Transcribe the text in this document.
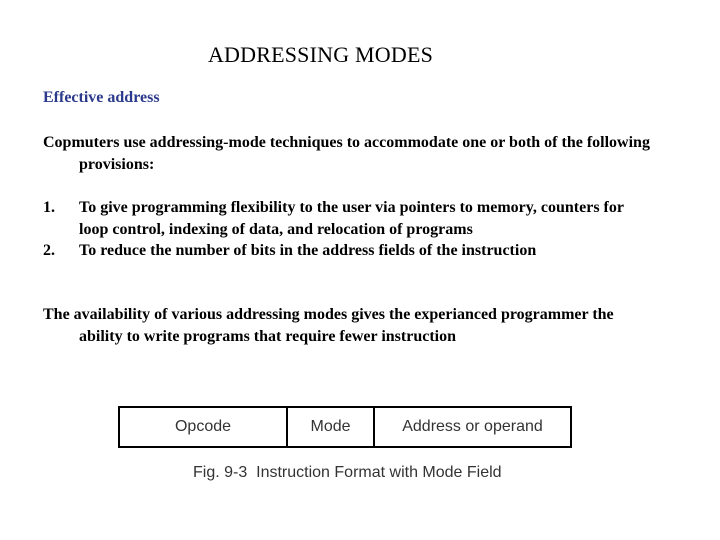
ADDRESSING MODES
Effective address
Copmuters use addressing-mode techniques to accommodate one or both of the following provisions:
1. To give programming flexibility to the user via pointers to memory, counters for loop control, indexing of data, and relocation of programs
2. To reduce the number of bits in the address fields of the instruction
The availability of various addressing modes gives the experianced programmer the ability to write programs that require fewer instruction
Opcode	Mode	Address or operand
Fig. 9-3  Instruction Format with Mode Field
